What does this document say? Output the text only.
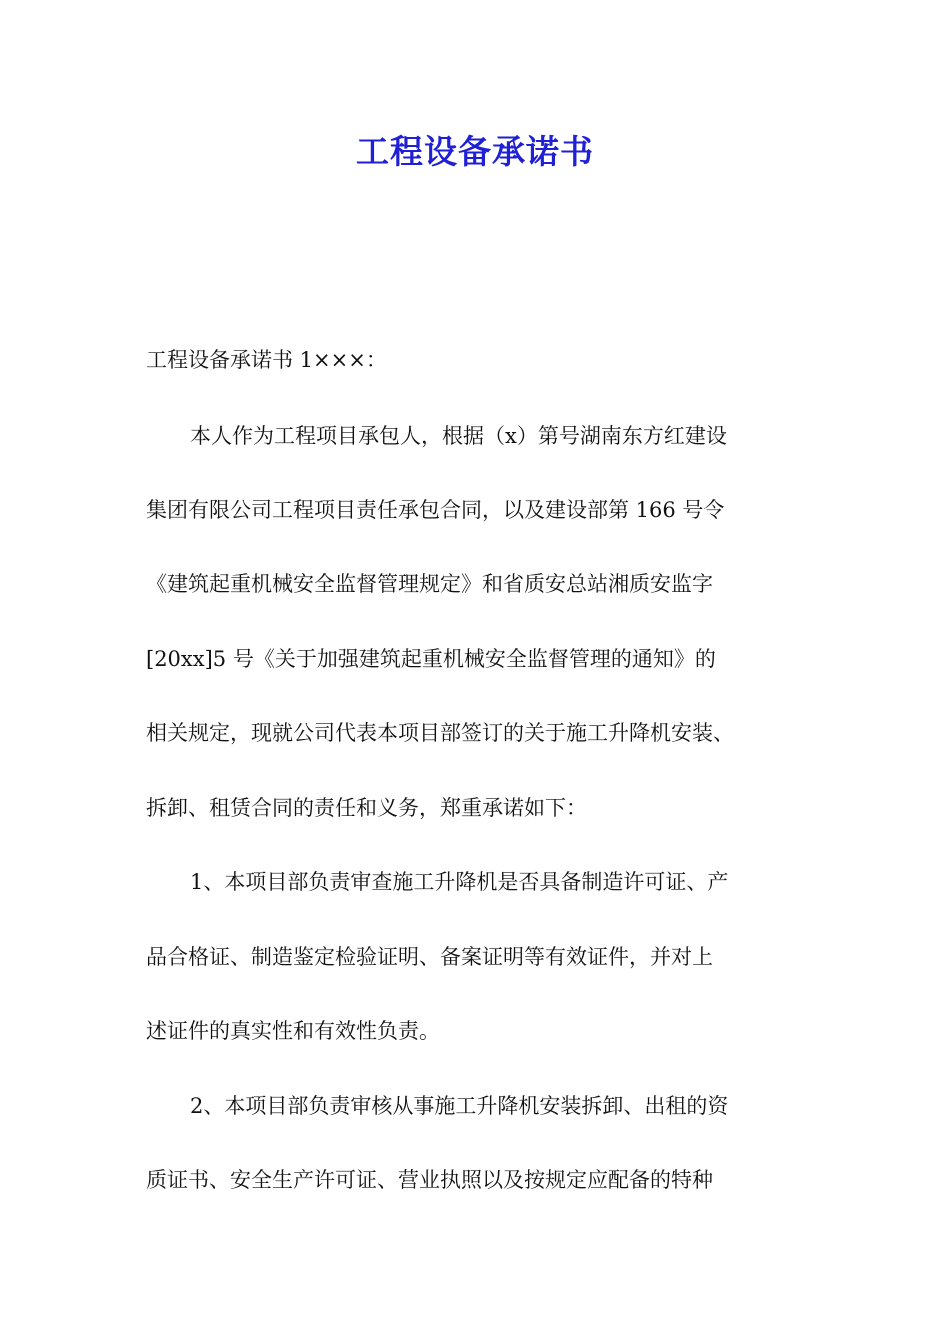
工程设备承诺书
工程设备承诺书 1×××：
本人作为工程项目承包人，根据（x）第号湖南东方红建设
集团有限公司工程项目责任承包合同，以及建设部第 166 号令
《建筑起重机械安全监督管理规定》和省质安总站湘质安监字
[20xx]5 号《关于加强建筑起重机械安全监督管理的通知》的
相关规定，现就公司代表本项目部签订的关于施工升降机安装、
拆卸、租赁合同的责任和义务，郑重承诺如下：
1、本项目部负责审查施工升降机是否具备制造许可证、产
品合格证、制造鉴定检验证明、备案证明等有效证件，并对上
述证件的真实性和有效性负责。
2、本项目部负责审核从事施工升降机安装拆卸、出租的资
质证书、安全生产许可证、营业执照以及按规定应配备的特种
